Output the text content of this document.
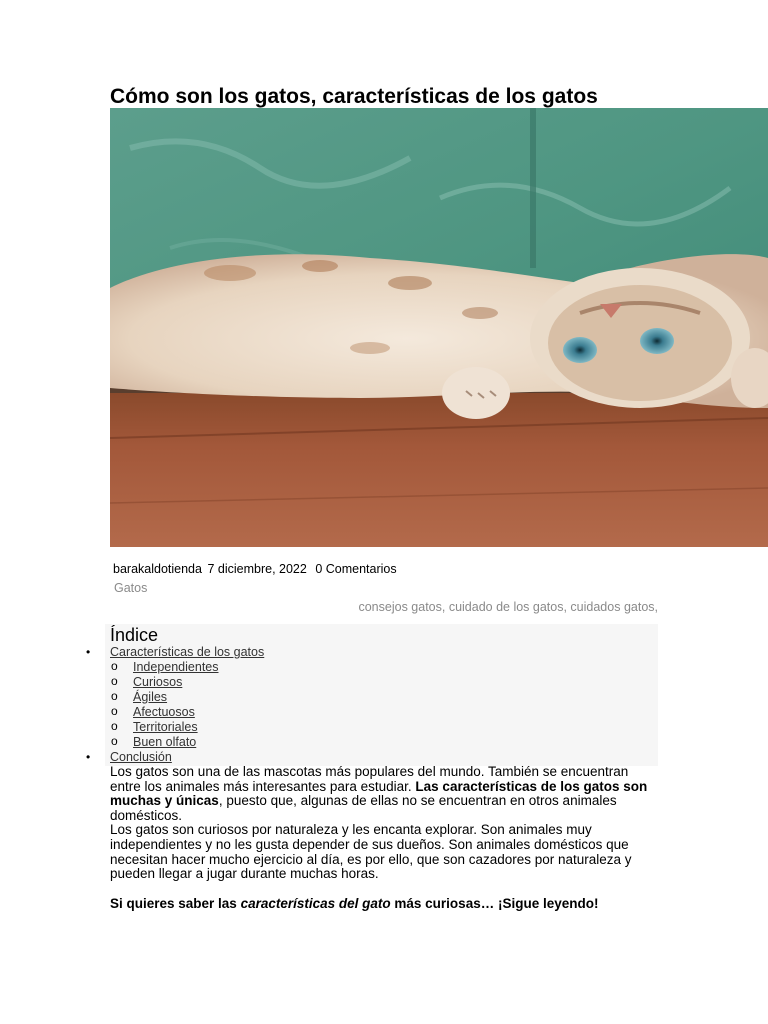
Cómo son los gatos, características de los gatos
barakaldotienda 7 diciembre, 2022 0 Comentarios
Gatos
consejos gatos, cuidado de los gatos, cuidados gatos,
Índice
• Características de los gatos
o Independientes
o Curiosos
o Ágiles
o Afectuosos
o Territoriales
o Buen olfato
• Conclusión

Los gatos son una de las mascotas más populares del mundo. También se encuentran entre los animales más interesantes para estudiar. Las características de los gatos son muchas y únicas, puesto que, algunas de ellas no se encuentran en otros animales domésticos.

Los gatos son curiosos por naturaleza y les encanta explorar. Son animales muy independientes y no les gusta depender de sus dueños. Son animales domésticos que necesitan hacer mucho ejercicio al día, es por ello, que son cazadores por naturaleza y pueden llegar a jugar durante muchas horas.

Si quieres saber las características del gato más curiosas… ¡Sigue leyendo!
